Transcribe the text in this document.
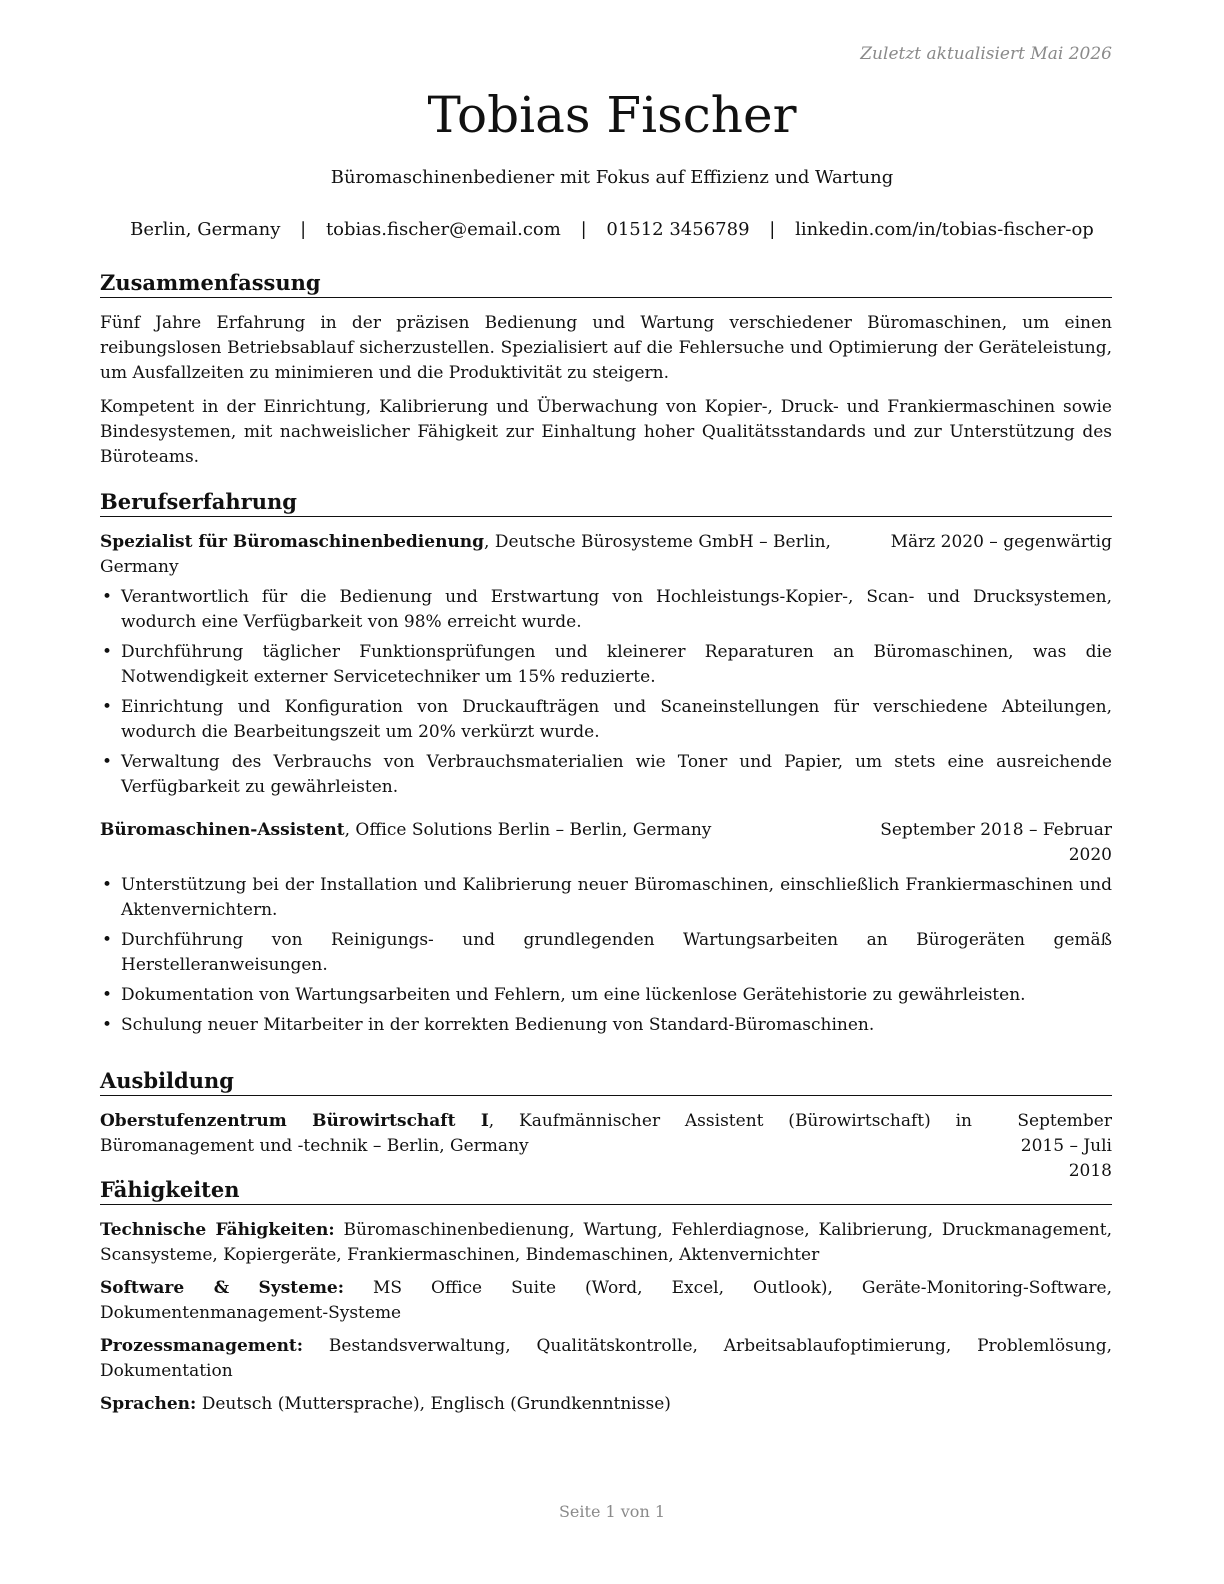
Zuletzt aktualisiert Mai 2026
Tobias Fischer
Büromaschinenbediener mit Fokus auf Effizienz und Wartung
Berlin, Germany | tobias.fischer@email.com | 01512 3456789 | linkedin.com/in/tobias-fischer-op
Zusammenfassung

Fünf Jahre Erfahrung in der präzisen Bedienung und Wartung verschiedener Büromaschinen, um einen reibungslosen Betriebsablauf sicherzustellen. Spezialisiert auf die Fehlersuche und Optimierung der Geräteleistung, um Ausfallzeiten zu minimieren und die Produktivität zu steigern.

Kompetent in der Einrichtung, Kalibrierung und Überwachung von Kopier-, Druck- und Frankiermaschinen sowie Bindesystemen, mit nachweislicher Fähigkeit zur Einhaltung hoher Qualitätsstandards und zur Unterstützung des Büroteams.

Berufserfahrung
Spezialist für Büromaschinenbedienung, Deutsche Bürosysteme GmbH – Berlin, Germany
März 2020 – gegenwärtig
• Verantwortlich für die Bedienung und Erstwartung von Hochleistungs-Kopier-, Scan- und Drucksystemen, wodurch eine Verfügbarkeit von 98% erreicht wurde.
• Durchführung täglicher Funktionsprüfungen und kleinerer Reparaturen an Büromaschinen, was die Notwendigkeit externer Servicetechniker um 15% reduzierte.
• Einrichtung und Konfiguration von Druckaufträgen und Scaneinstellungen für verschiedene Abteilungen, wodurch die Bearbeitungszeit um 20% verkürzt wurde.
• Verwaltung des Verbrauchs von Verbrauchsmaterialien wie Toner und Papier, um stets eine ausreichende Verfügbarkeit zu gewährleisten.
Büromaschinen-Assistent, Office Solutions Berlin – Berlin, Germany	September 2018 – Februar 2020
• Unterstützung bei der Installation und Kalibrierung neuer Büromaschinen, einschließlich Frankiermaschinen und Aktenvernichtern.
• Durchführung von Reinigungs- und grundlegenden Wartungsarbeiten an Bürogeräten gemäß Herstelleranweisungen.
• Dokumentation von Wartungsarbeiten und Fehlern, um eine lückenlose Gerätehistorie zu gewährleisten.
• Schulung neuer Mitarbeiter in der korrekten Bedienung von Standard-Büromaschinen.
Ausbildung
Oberstufenzentrum Bürowirtschaft I, Kaufmännischer Assistent (Bürowirtschaft) in Büromanagement und -technik – Berlin, Germany
September 2015 – Juli 2018
Fähigkeiten

Technische Fähigkeiten: Büromaschinenbedienung, Wartung, Fehlerdiagnose, Kalibrierung, Druckmanagement, Scansysteme, Kopiergeräte, Frankiermaschinen, Bindemaschinen, Aktenvernichter

Software & Systeme: MS Office Suite (Word, Excel, Outlook), Geräte-Monitoring-Software, Dokumentenmanagement-Systeme

Prozessmanagement: Bestandsverwaltung, Qualitätskontrolle, Arbeitsablaufoptimierung, Problemlösung, Dokumentation

Sprachen: Deutsch (Muttersprache), Englisch (Grundkenntnisse)

Seite 1 von 1
